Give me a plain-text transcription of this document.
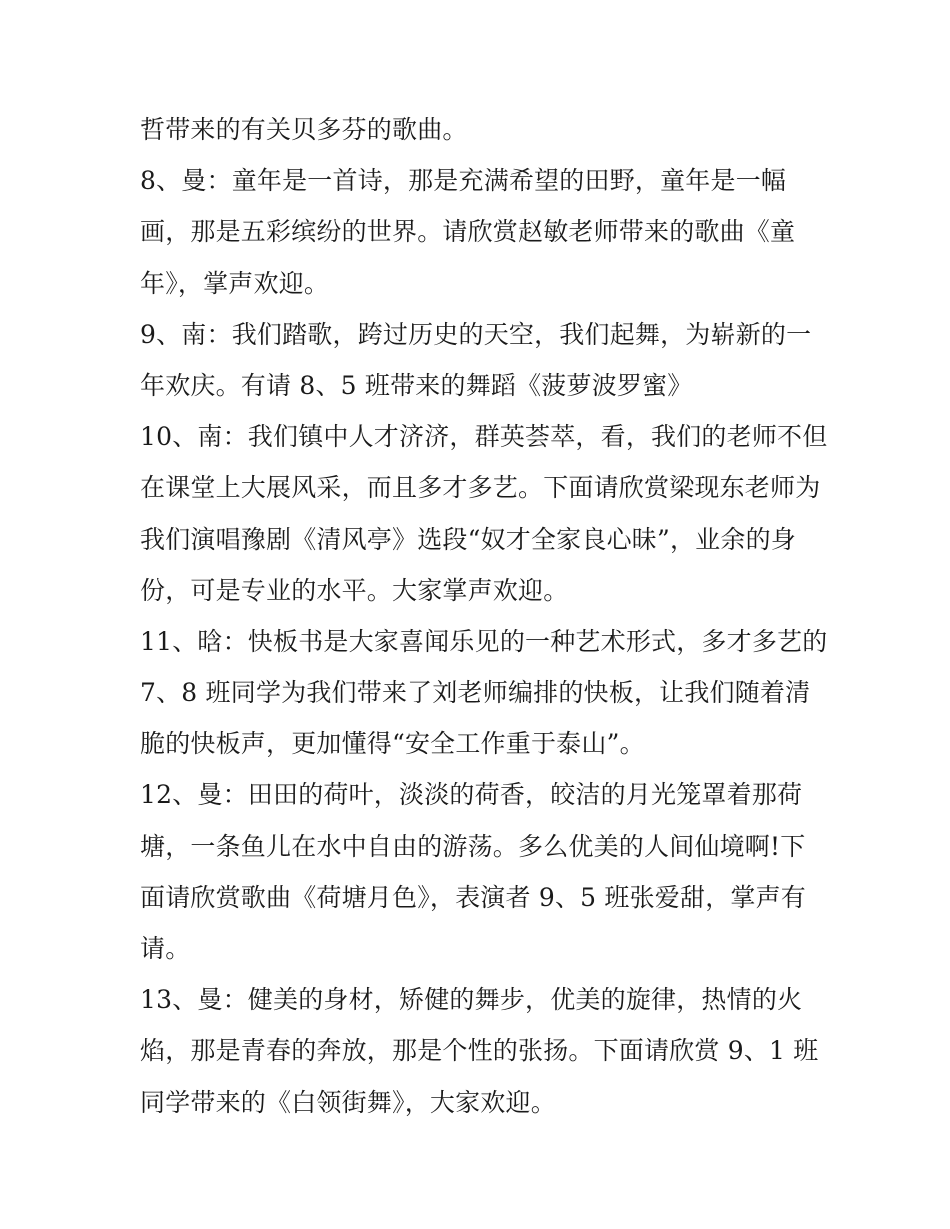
哲带来的有关贝多芬的歌曲。
8、曼：童年是一首诗，那是充满希望的田野，童年是一幅
画，那是五彩缤纷的世界。请欣赏赵敏老师带来的歌曲《童
年》，掌声欢迎。
9、南：我们踏歌，跨过历史的天空，我们起舞，为崭新的一
年欢庆。有请 8、5 班带来的舞蹈《菠萝波罗蜜》
10、南：我们镇中人才济济，群英荟萃，看，我们的老师不但
在课堂上大展风采，而且多才多艺。下面请欣赏梁现东老师为
我们演唱豫剧《清风亭》选段“奴才全家良心昧”，业余的身
份，可是专业的水平。大家掌声欢迎。
11、晗：快板书是大家喜闻乐见的一种艺术形式，多才多艺的
7、8 班同学为我们带来了刘老师编排的快板，让我们随着清
脆的快板声，更加懂得“安全工作重于泰山”。
12、曼：田田的荷叶，淡淡的荷香，皎洁的月光笼罩着那荷
塘，一条鱼儿在水中自由的游荡。多么优美的人间仙境啊!下
面请欣赏歌曲《荷塘月色》，表演者 9、5 班张爱甜，掌声有
请。
13、曼：健美的身材，矫健的舞步，优美的旋律，热情的火
焰，那是青春的奔放，那是个性的张扬。下面请欣赏 9、1 班
同学带来的《白领街舞》，大家欢迎。
